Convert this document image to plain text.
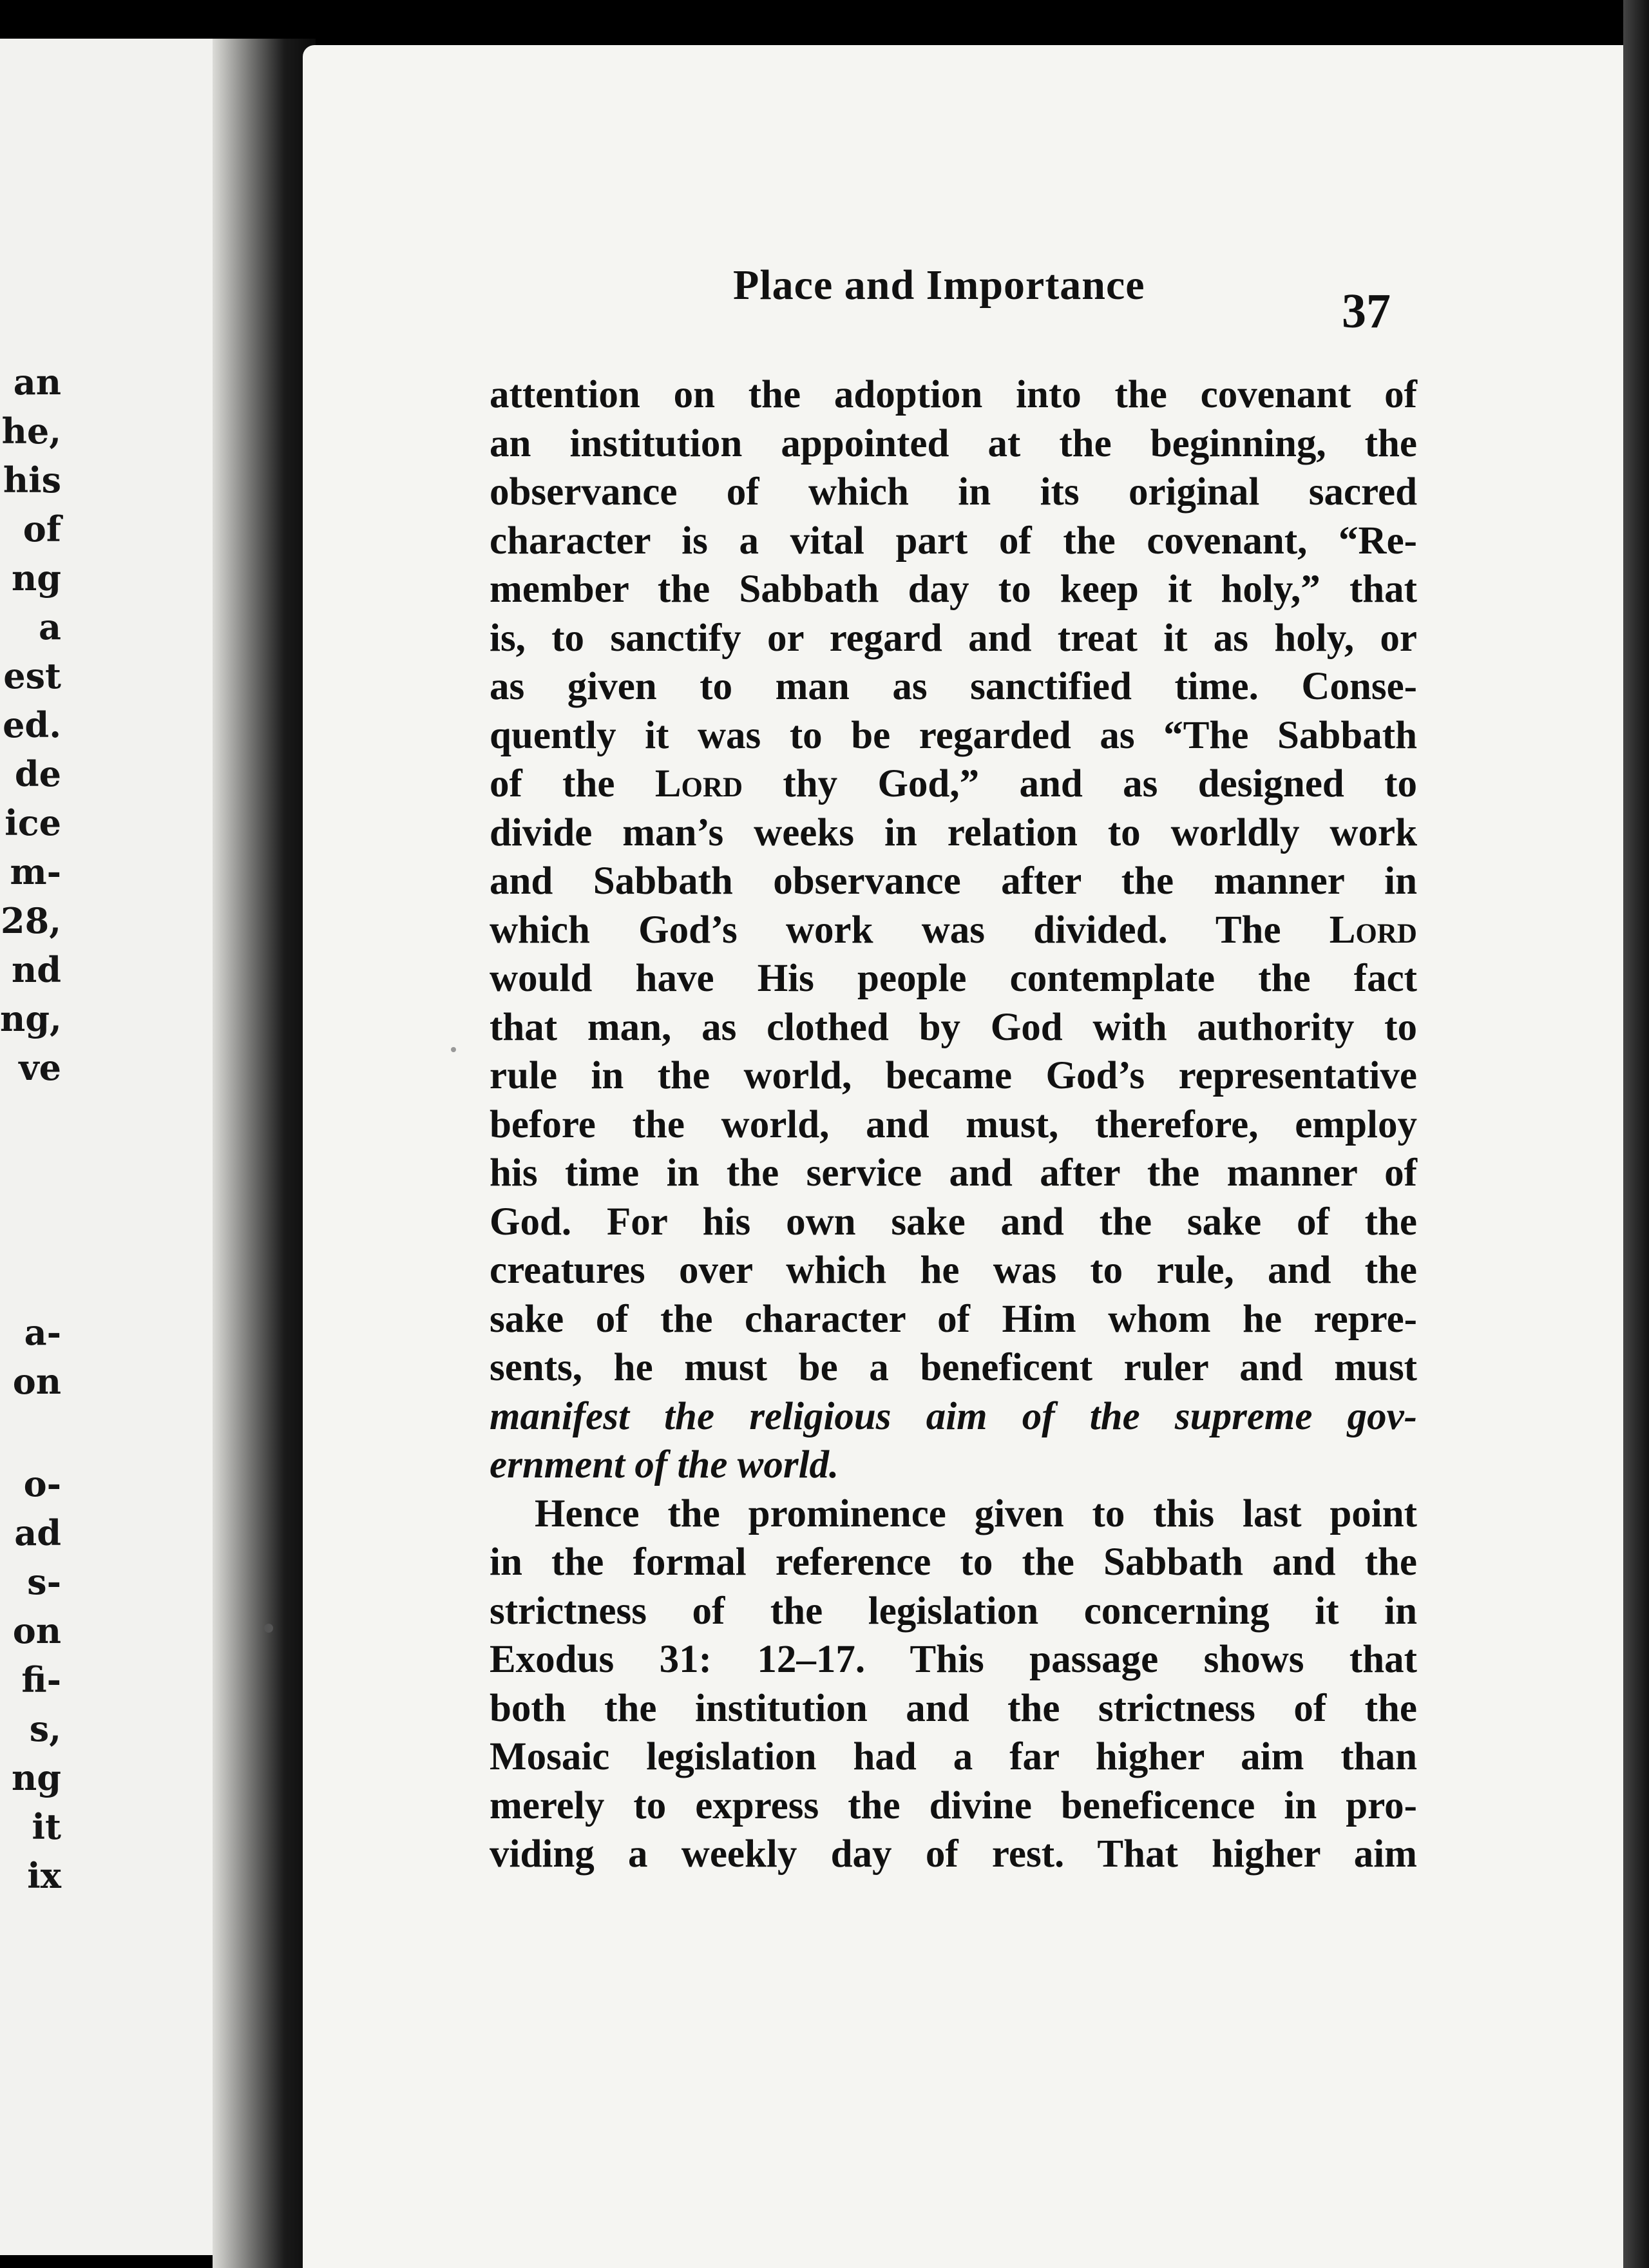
an
he,
his
of
ng
a
est
ed.
de
ice
m-
28,
nd
ng,
ve
a-
on
o-
ad
s-
on
fi-
s,
ng
it
ix
Place and Importance	37
attention on the adoption into the covenant of
an institution appointed at the beginning, the
observance of which in its original sacred
character is a vital part of the covenant, “Re-
member the Sabbath day to keep it holy,” that
is, to sanctify or regard and treat it as holy, or
as given to man as sanctified time. Conse-
quently it was to be regarded as “The Sabbath
of the Lord thy God,” and as designed to
divide man’s weeks in relation to worldly work
and Sabbath observance after the manner in
which God’s work was divided. The Lord
would have His people contemplate the fact
that man, as clothed by God with authority to
rule in the world, became God’s representative
before the world, and must, therefore, employ
his time in the service and after the manner of
God. For his own sake and the sake of the
creatures over which he was to rule, and the
sake of the character of Him whom he repre-
sents, he must be a beneficent ruler and must
manifest the religious aim of the supreme gov-
ernment of the world.
Hence the prominence given to this last point
in the formal reference to the Sabbath and the
strictness of the legislation concerning it in
Exodus 31: 12–17. This passage shows that
both the institution and the strictness of the
Mosaic legislation had a far higher aim than
merely to express the divine beneficence in pro-
viding a weekly day of rest. That higher aim
